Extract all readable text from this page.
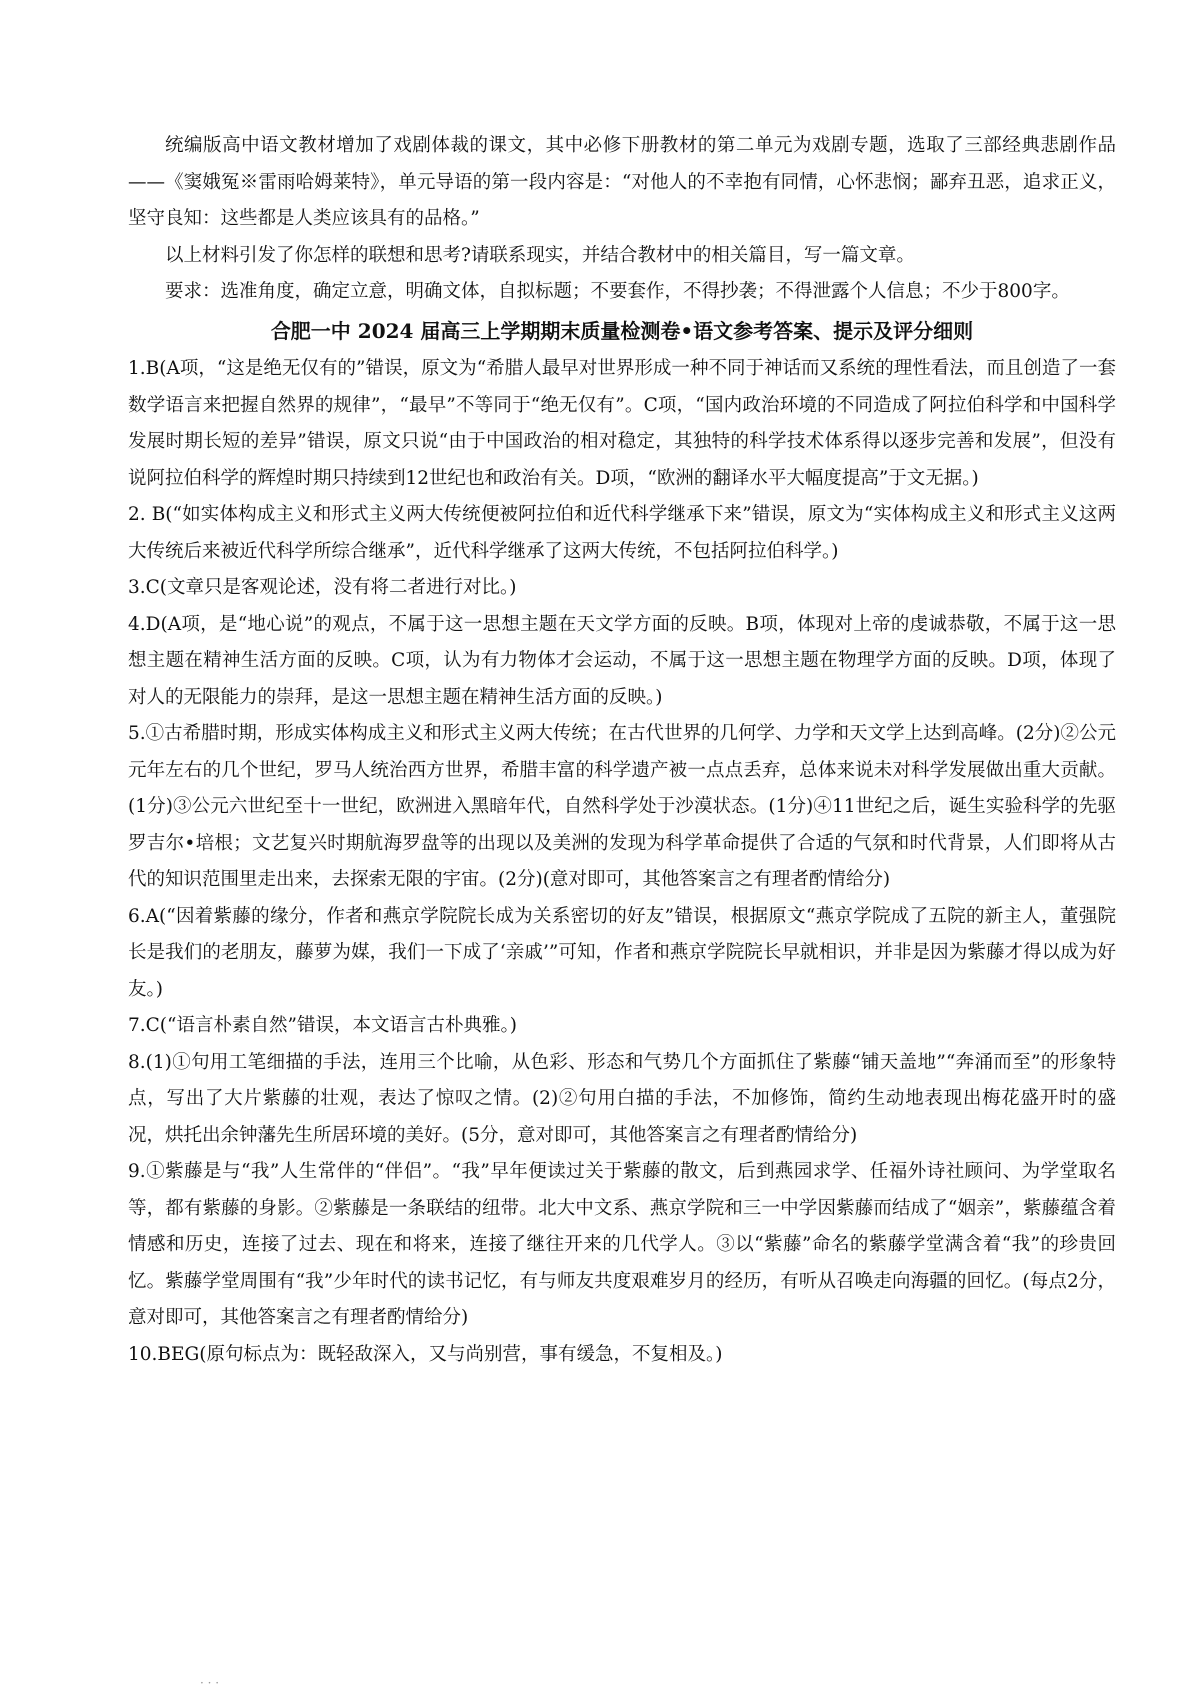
统编版高中语文教材增加了戏剧体裁的课文，其中必修下册教材的第二单元为戏剧专题，选取了三部经典悲剧作品——《窦娥冤※雷雨哈姆莱特》，单元导语的第一段内容是：“对他人的不幸抱有同情，心怀悲悯；鄙弃丑恶，追求正义，坚守良知：这些都是人类应该具有的品格。”

以上材料引发了你怎样的联想和思考?请联系现实，并结合教材中的相关篇目，写一篇文章。

要求：选准角度，确定立意，明确文体，自拟标题；不要套作，不得抄袭；不得泄露个人信息；不少于800字。

合肥一中 2024 届高三上学期期末质量检测卷•语文参考答案、提示及评分细则

1.B(A项，“这是绝无仅有的”错误，原文为“希腊人最早对世界形成一种不同于神话而又系统的理性看法，而且创造了一套数学语言来把握自然界的规律”，“最早”不等同于“绝无仅有”。C项，“国内政治环境的不同造成了阿拉伯科学和中国科学发展时期长短的差异”错误，原文只说“由于中国政治的相对稳定，其独特的科学技术体系得以逐步完善和发展”，但没有说阿拉伯科学的辉煌时期只持续到12世纪也和政治有关。D项，“欧洲的翻译水平大幅度提高”于文无据。)

2. B(“如实体构成主义和形式主义两大传统便被阿拉伯和近代科学继承下来”错误，原文为“实体构成主义和形式主义这两大传统后来被近代科学所综合继承”，近代科学继承了这两大传统，不包括阿拉伯科学。)

3.C(文章只是客观论述，没有将二者进行对比。)

4.D(A项，是“地心说”的观点，不属于这一思想主题在天文学方面的反映。B项，体现对上帝的虔诚恭敬，不属于这一思想主题在精神生活方面的反映。C项，认为有力物体才会运动，不属于这一思想主题在物理学方面的反映。D项，体现了对人的无限能力的崇拜，是这一思想主题在精神生活方面的反映。)

5.①古希腊时期，形成实体构成主义和形式主义两大传统；在古代世界的几何学、力学和天文学上达到高峰。(2分)②公元元年左右的几个世纪，罗马人统治西方世界，希腊丰富的科学遗产被一点点丢弃，总体来说未对科学发展做出重大贡献。(1分)③公元六世纪至十一世纪，欧洲进入黑暗年代，自然科学处于沙漠状态。(1分)④11世纪之后，诞生实验科学的先驱罗吉尔•培根；文艺复兴时期航海罗盘等的出现以及美洲的发现为科学革命提供了合适的气氛和时代背景，人们即将从古代的知识范围里走出来，去探索无限的宇宙。(2分)(意对即可，其他答案言之有理者酌情给分)

6.A(“因着紫藤的缘分，作者和燕京学院院长成为关系密切的好友”错误，根据原文“燕京学院成了五院的新主人，董强院长是我们的老朋友，藤萝为媒，我们一下成了‘亲戚’”可知，作者和燕京学院院长早就相识，并非是因为紫藤才得以成为好友。)

7.C(“语言朴素自然”错误，本文语言古朴典雅。)

8.(1)①句用工笔细描的手法，连用三个比喻，从色彩、形态和气势几个方面抓住了紫藤“铺天盖地”“奔涌而至”的形象特点，写出了大片紫藤的壮观，表达了惊叹之情。(2)②句用白描的手法，不加修饰，简约生动地表现出梅花盛开时的盛况，烘托出余钟藩先生所居环境的美好。(5分，意对即可，其他答案言之有理者酌情给分)

9.①紫藤是与“我”人生常伴的“伴侣”。“我”早年便读过关于紫藤的散文，后到燕园求学、任福外诗社顾问、为学堂取名等，都有紫藤的身影。②紫藤是一条联结的纽带。北大中文系、燕京学院和三一中学因紫藤而结成了“姻亲”，紫藤蕴含着情感和历史，连接了过去、现在和将来，连接了继往开来的几代学人。③以“紫藤”命名的紫藤学堂满含着“我”的珍贵回忆。紫藤学堂周围有“我”少年时代的读书记忆，有与师友共度艰难岁月的经历，有听从召唤走向海疆的回忆。(每点2分，意对即可，其他答案言之有理者酌情给分)

10.BEG(原句标点为：既轻敌深入，又与尚别营，事有缓急，不复相及。)

· · ·
